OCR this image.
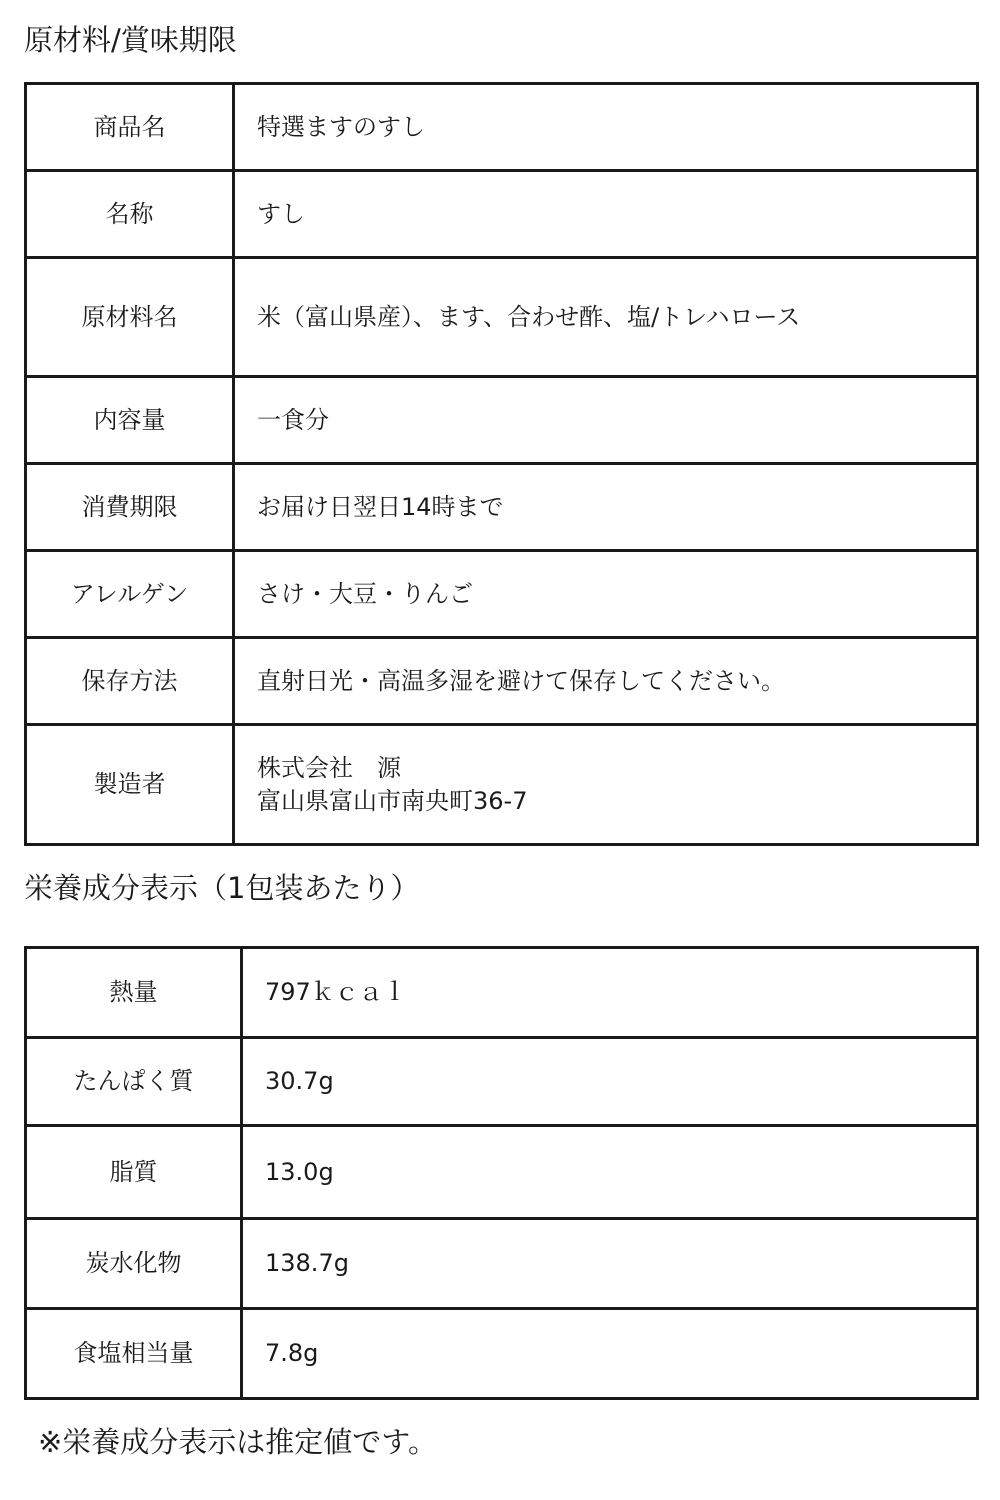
原材料/賞味期限
商品名	特選ますのすし
名称	すし
原材料名	米（富山県産）、ます、合わせ酢、塩/トレハロース
内容量	一食分
消費期限	お届け日翌日14時まで
アレルゲン	さけ・大豆・りんご
保存方法	直射日光・高温多湿を避けて保存してください。
製造者	株式会社　源
富山県富山市南央町36-7
栄養成分表示（1包装あたり）
熱量	797ｋｃａｌ
たんぱく質	30.7g
脂質	13.0g
炭水化物	138.7g
食塩相当量	7.8g
※栄養成分表示は推定値です。
